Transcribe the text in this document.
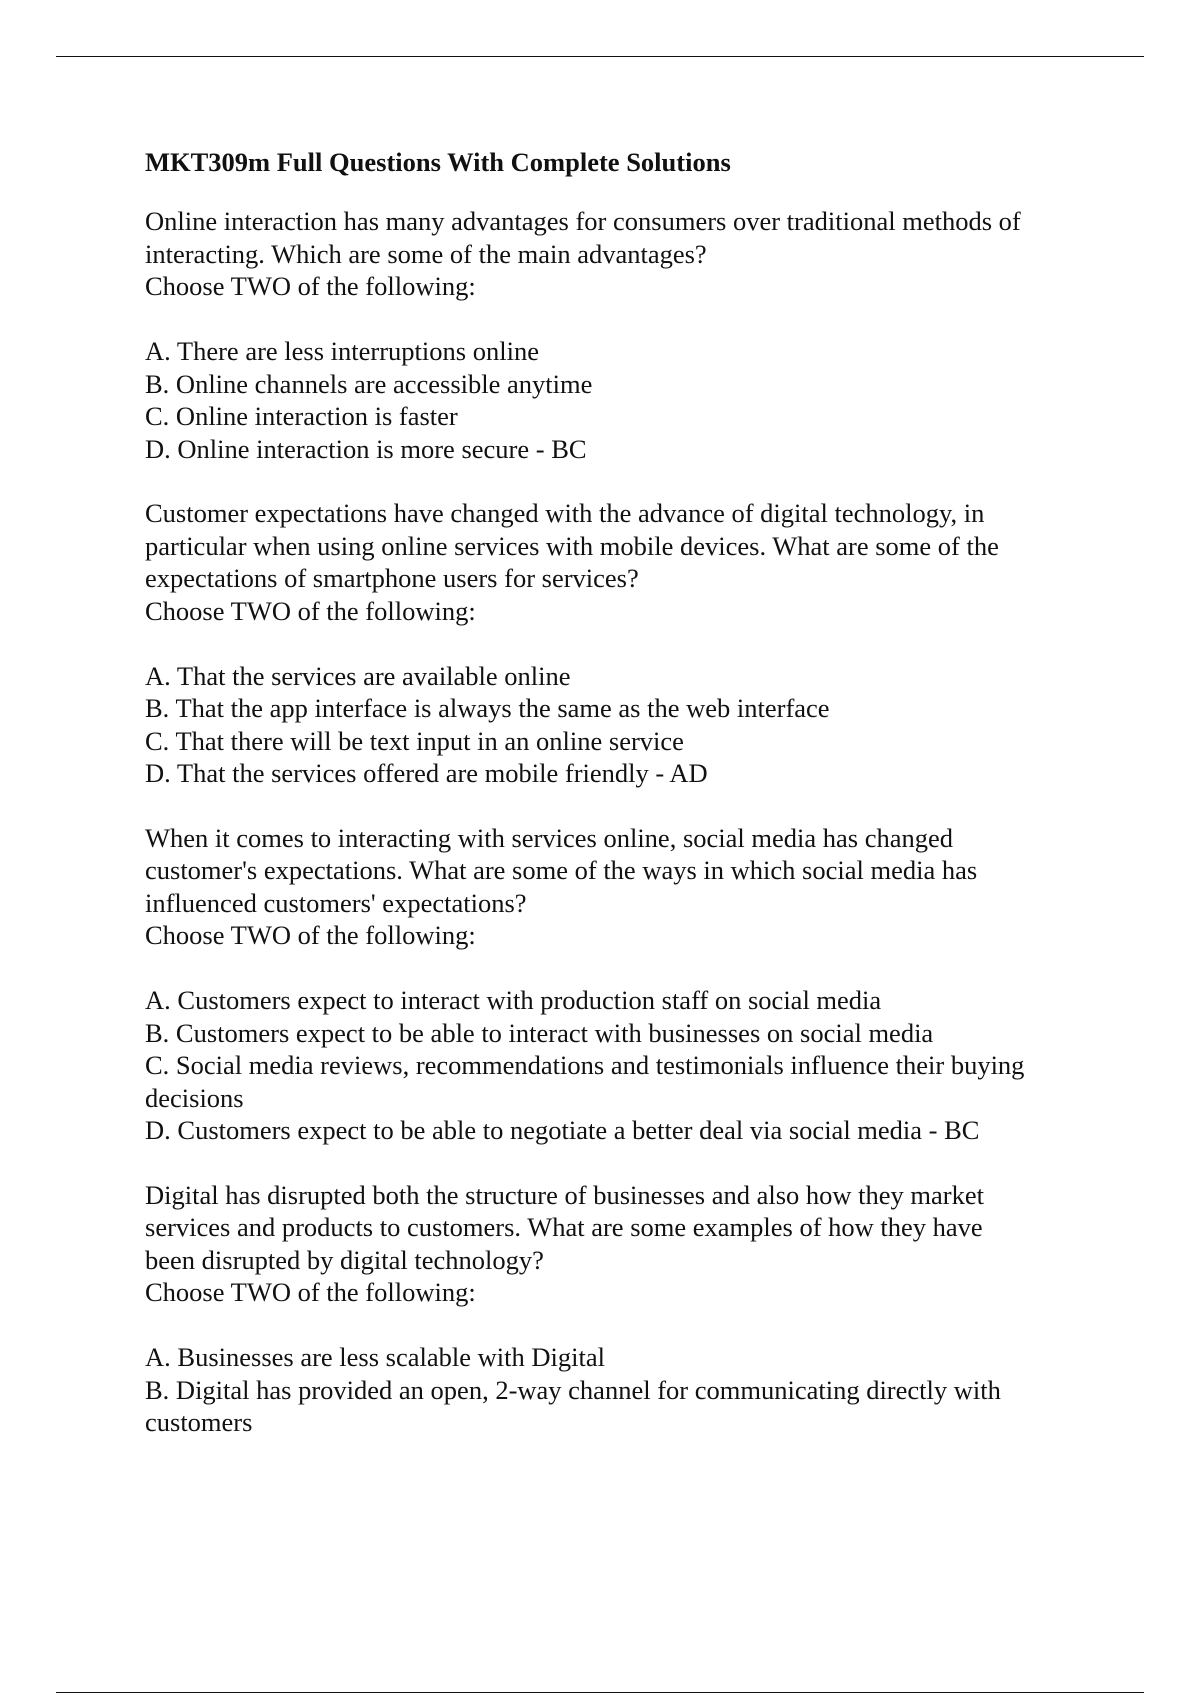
MKT309m Full Questions With Complete Solutions
Online interaction has many advantages for consumers over traditional methods of
interacting. Which are some of the main advantages?
Choose TWO of the following:
A. There are less interruptions online
B. Online channels are accessible anytime
C. Online interaction is faster
D. Online interaction is more secure - BC
Customer expectations have changed with the advance of digital technology, in
particular when using online services with mobile devices. What are some of the
expectations of smartphone users for services?
Choose TWO of the following:
A. That the services are available online
B. That the app interface is always the same as the web interface
C. That there will be text input in an online service
D. That the services offered are mobile friendly - AD
When it comes to interacting with services online, social media has changed
customer's expectations. What are some of the ways in which social media has
influenced customers' expectations?
Choose TWO of the following:
A. Customers expect to interact with production staff on social media
B. Customers expect to be able to interact with businesses on social media
C. Social media reviews, recommendations and testimonials influence their buying
decisions
D. Customers expect to be able to negotiate a better deal via social media - BC
Digital has disrupted both the structure of businesses and also how they market
services and products to customers. What are some examples of how they have
been disrupted by digital technology?
Choose TWO of the following:
A. Businesses are less scalable with Digital
B. Digital has provided an open, 2-way channel for communicating directly with
customers
